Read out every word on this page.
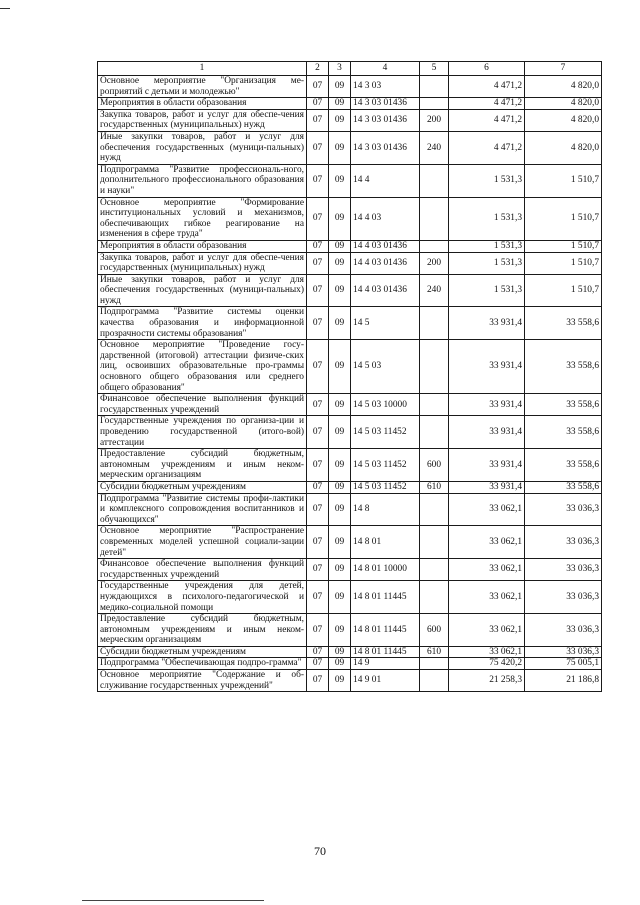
1	2	3	4	5	6	7
Основное мероприятие "Организация ме-роприятий с детьми и молодежью"	07	09	14 3 03		4 471,2	4 820,0
Мероприятия в области образования	07	09	14 3 03 01436		4 471,2	4 820,0
Закупка товаров, работ и услуг для обеспе-чения государственных (муниципальных) нужд	07	09	14 3 03 01436	200	4 471,2	4 820,0
Иные закупки товаров, работ и услуг для обеспечения государственных (муници-пальных) нужд	07	09	14 3 03 01436	240	4 471,2	4 820,0
Подпрограмма "Развитие профессиональ-ного, дополнительного профессионального образования и науки"	07	09	14 4		1 531,3	1 510,7
Основное мероприятие "Формирование институциональных условий и механизмов, обеспечивающих гибкое реагирование на изменения в сфере труда"	07	09	14 4 03		1 531,3	1 510,7
Мероприятия в области образования	07	09	14 4 03 01436		1 531,3	1 510,7
Закупка товаров, работ и услуг для обеспе-чения государственных (муниципальных) нужд	07	09	14 4 03 01436	200	1 531,3	1 510,7
Иные закупки товаров, работ и услуг для обеспечения государственных (муници-пальных) нужд	07	09	14 4 03 01436	240	1 531,3	1 510,7
Подпрограмма "Развитие системы оценки качества образования и информационной прозрачности системы образования"	07	09	14 5		33 931,4	33 558,6
Основное мероприятие "Проведение госу-дарственной (итоговой) аттестации физиче-ских лиц, освоивших образовательные про-граммы основного общего образования или среднего общего образования"	07	09	14 5 03		33 931,4	33 558,6
Финансовое обеспечение выполнения функций государственных учреждений	07	09	14 5 03 10000		33 931,4	33 558,6
Государственные учреждения по организа-ции и проведению государственной (итого-вой) аттестации	07	09	14 5 03 11452		33 931,4	33 558,6
Предоставление субсидий бюджетным, автономным учреждениям и иным неком-мерческим организациям	07	09	14 5 03 11452	600	33 931,4	33 558,6
Субсидии бюджетным учреждениям	07	09	14 5 03 11452	610	33 931,4	33 558,6
Подпрограмма "Развитие системы профи-лактики и комплексного сопровождения воспитанников и обучающихся"	07	09	14 8		33 062,1	33 036,3
Основное мероприятие "Распространение современных моделей успешной социали-зации детей"	07	09	14 8 01		33 062,1	33 036,3
Финансовое обеспечение выполнения функций государственных учреждений	07	09	14 8 01 10000		33 062,1	33 036,3
Государственные учреждения для детей, нуждающихся в психолого-педагогической и медико-социальной помощи	07	09	14 8 01 11445		33 062,1	33 036,3
Предоставление субсидий бюджетным, автономным учреждениям и иным неком-мерческим организациям	07	09	14 8 01 11445	600	33 062,1	33 036,3
Субсидии бюджетным учреждениям	07	09	14 8 01 11445	610	33 062,1	33 036,3
Подпрограмма "Обеспечивающая подпро-грамма"	07	09	14 9		75 420,2	75 005,1
Основное мероприятие "Содержание и об-служивание государственных учреждений"	07	09	14 9 01		21 258,3	21 186,8
70
